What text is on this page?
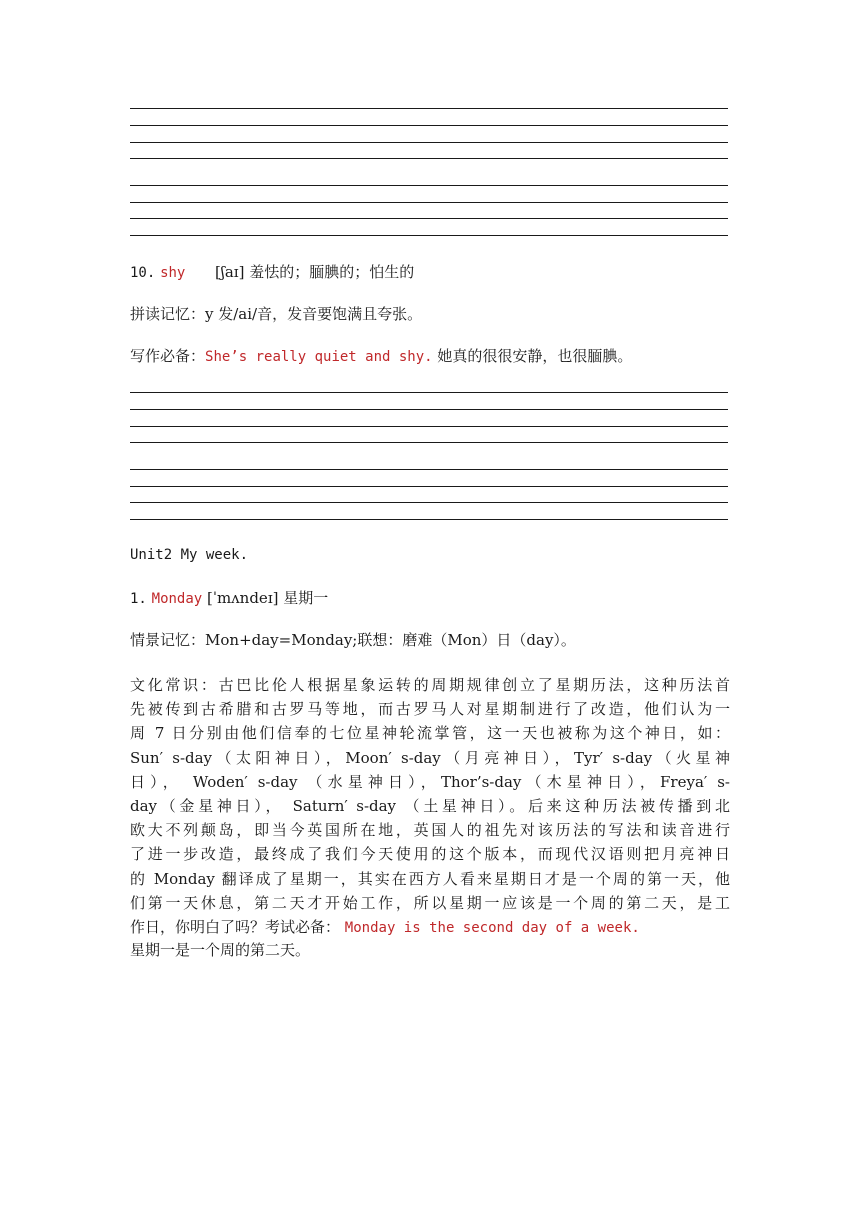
10. shy [ʃaɪ] 羞怯的；腼腆的；怕生的
拼读记忆：y 发/ai/音，发音要饱满且夸张。
写作必备：She’s really quiet and shy. 她真的很很安静，也很腼腆。
Unit2 My week.
1. Monday [ˈmʌndeɪ] 星期一
情景记忆：Mon+day=Monday;联想：磨难（Mon）日（day）。
文化常识：古巴比伦人根据星象运转的周期规律创立了星期历法，这种历法首
先被传到古希腊和古罗马等地，而古罗马人对星期制进行了改造，他们认为一
周 7 日分别由他们信奉的七位星神轮流掌管，这一天也被称为这个神日，如：
Sun′ s-day（太阳神日），Moon′ s-day（月亮神日），Tyr′ s-day（火星神
日）， Woden′ s-day （水星神日），Thor’s-day（木星神日），Freya′ s-
day（金星神日）， Saturn′ s-day （土星神日）。后来这种历法被传播到北
欧大不列颠岛，即当今英国所在地，英国人的祖先对该历法的写法和读音进行
了进一步改造，最终成了我们今天使用的这个版本，而现代汉语则把月亮神日
的 Monday 翻译成了星期一，其实在西方人看来星期日才是一个周的第一天，他
们第一天休息，第二天才开始工作，所以星期一应该是一个周的第二天，是工
作日，你明白了吗？考试必备： Monday is the second day of a week.
星期一是一个周的第二天。
